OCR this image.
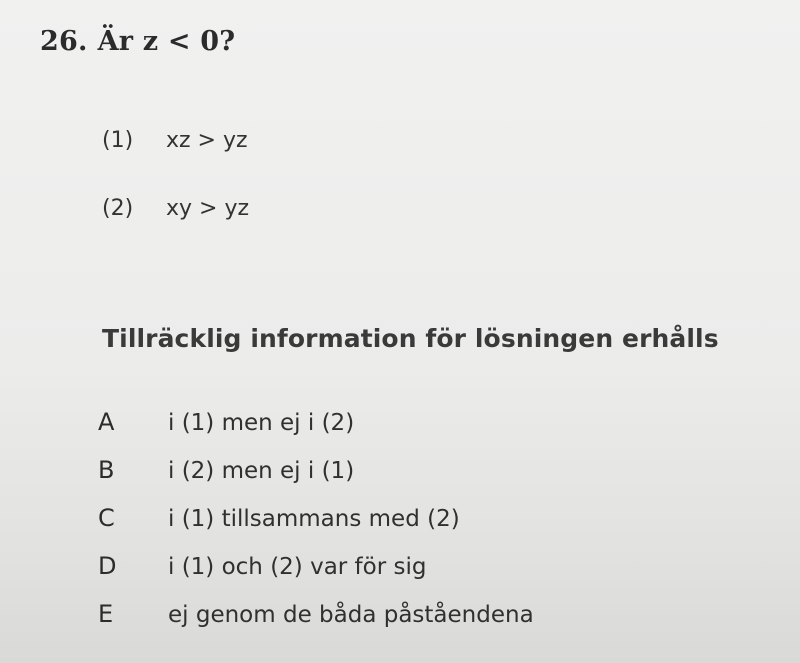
26. Är z < 0?
(1) xz > yz
(2) xy > yz
Tillräcklig information för lösningen erhålls
A i (1) men ej i (2)
B i (2) men ej i (1)
C i (1) tillsammans med (2)
D i (1) och (2) var för sig
E ej genom de båda påståendena
